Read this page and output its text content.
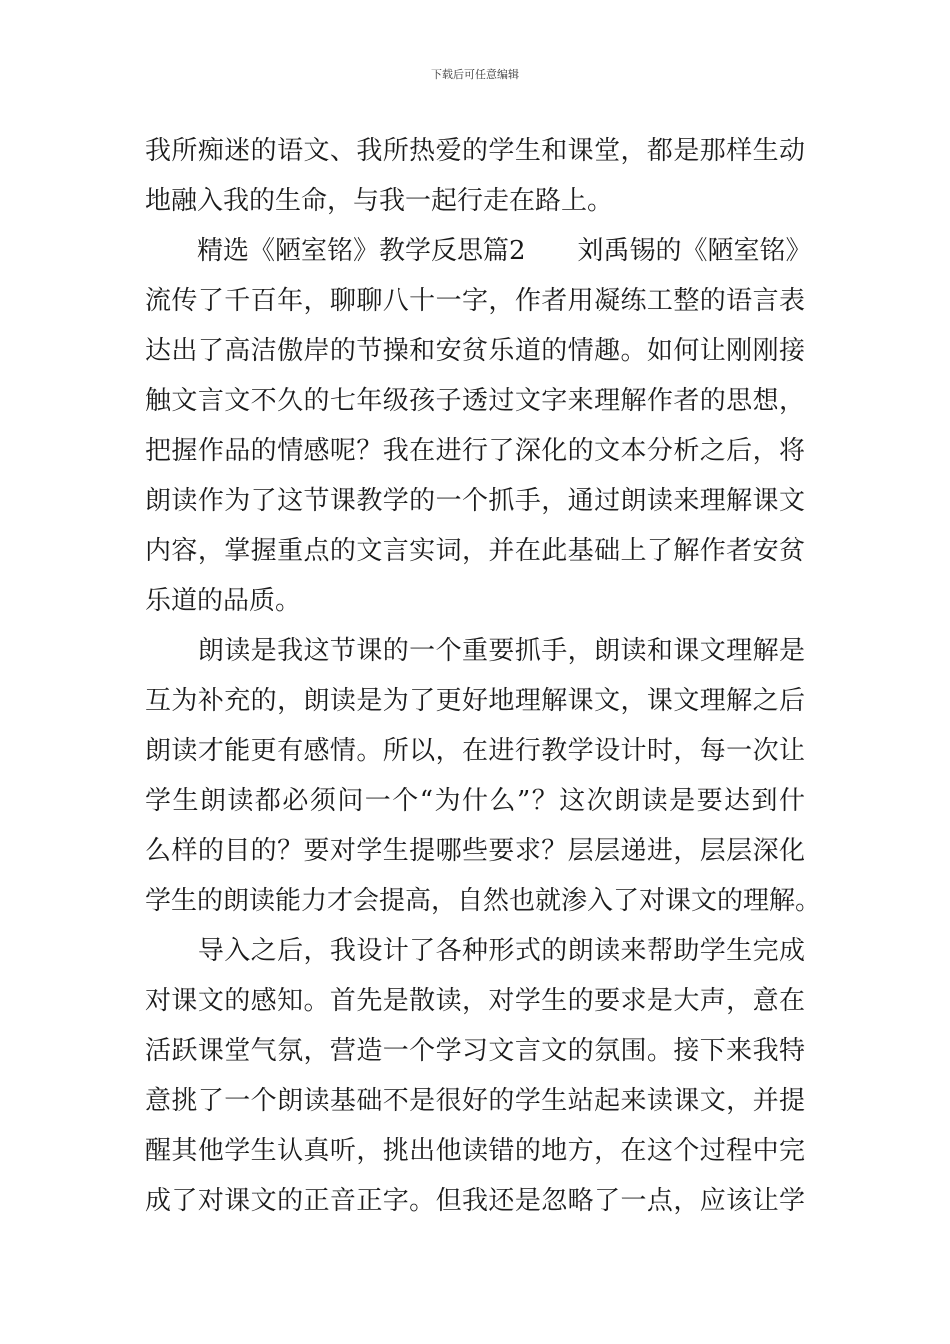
下载后可任意编辑
我所痴迷的语文、我所热爱的学生和课堂，都是那样生动
地融入我的生命，与我一起行走在路上。
　　精选《陋室铭》教学反思篇2　　刘禹锡的《陋室铭》
流传了千百年，聊聊八十一字，作者用凝练工整的语言表
达出了高洁傲岸的节操和安贫乐道的情趣。如何让刚刚接
触文言文不久的七年级孩子透过文字来理解作者的思想，
把握作品的情感呢？我在进行了深化的文本分析之后，将
朗读作为了这节课教学的一个抓手，通过朗读来理解课文
内容，掌握重点的文言实词，并在此基础上了解作者安贫
乐道的品质。
　　朗读是我这节课的一个重要抓手，朗读和课文理解是
互为补充的，朗读是为了更好地理解课文，课文理解之后
朗读才能更有感情。所以，在进行教学设计时，每一次让
学生朗读都必须问一个“为什么”？这次朗读是要达到什
么样的目的？要对学生提哪些要求？层层递进，层层深化
学生的朗读能力才会提高，自然也就渗入了对课文的理解。
　　导入之后，我设计了各种形式的朗读来帮助学生完成
对课文的感知。首先是散读，对学生的要求是大声，意在
活跃课堂气氛，营造一个学习文言文的氛围。接下来我特
意挑了一个朗读基础不是很好的学生站起来读课文，并提
醒其他学生认真听，挑出他读错的地方，在这个过程中完
成了对课文的正音正字。但我还是忽略了一点，应该让学
